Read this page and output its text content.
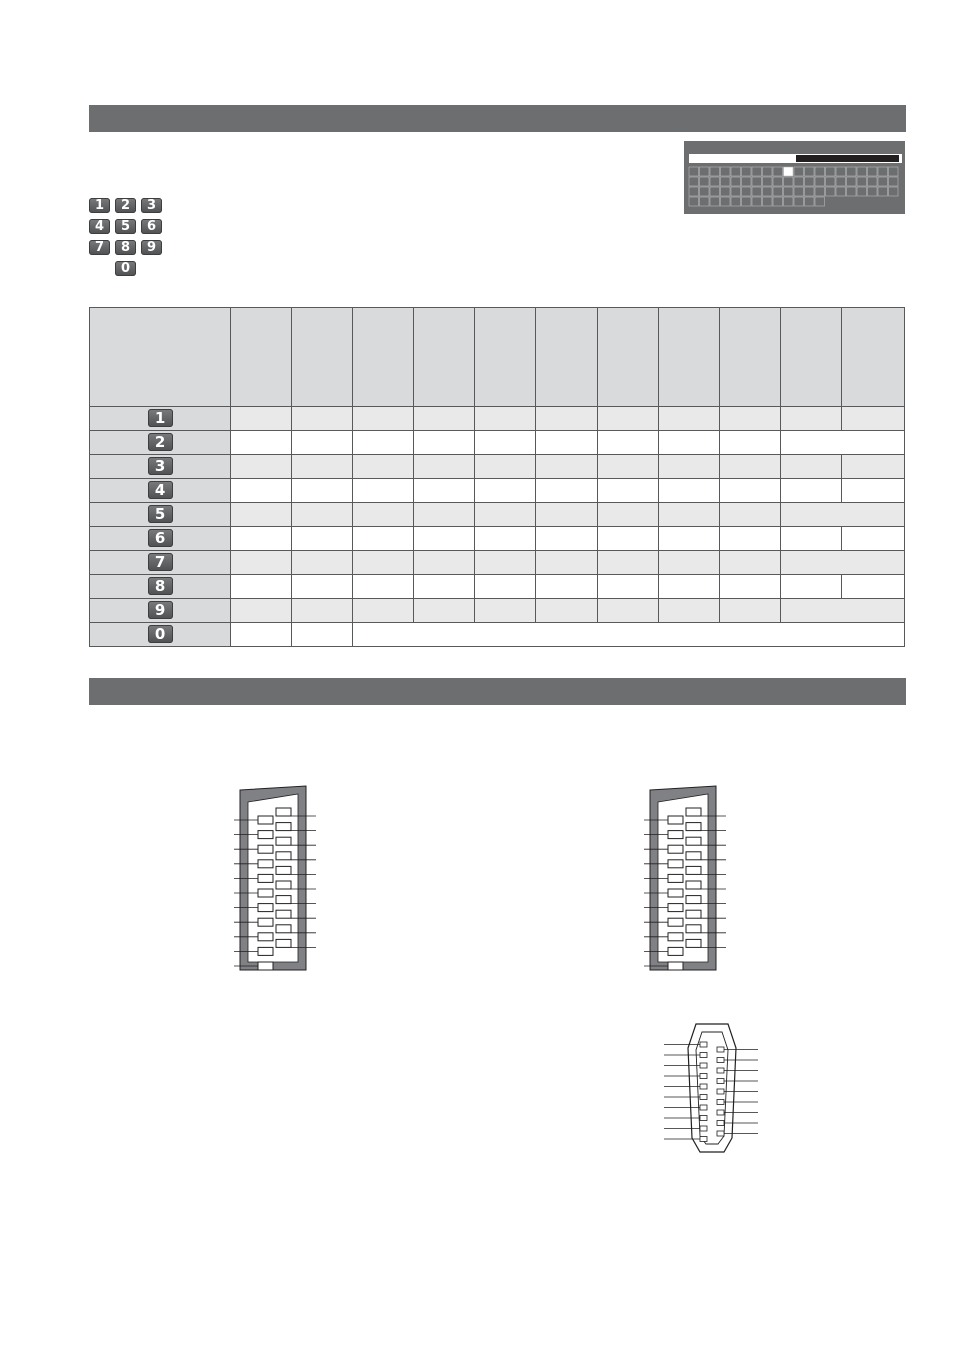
1	2	3
4	5	6
7	8	9
0

1											
2											
3											
4											
5											
6											
7											
8											
9											
0											
